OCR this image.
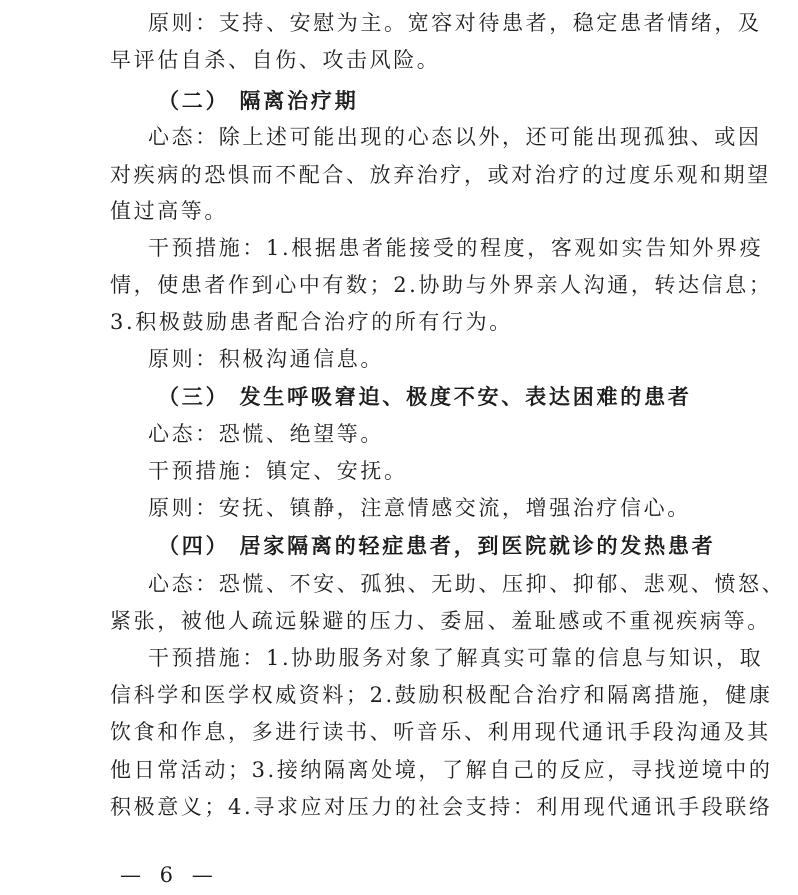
原则：支持、安慰为主。宽容对待患者，稳定患者情绪，及
早评估自杀、自伤、攻击风险。
（二） 隔离治疗期
心态：除上述可能出现的心态以外，还可能出现孤独、或因
对疾病的恐惧而不配合、放弃治疗，或对治疗的过度乐观和期望
值过高等。
干预措施：1.根据患者能接受的程度，客观如实告知外界疫
情，使患者作到心中有数；2.协助与外界亲人沟通，转达信息；
3.积极鼓励患者配合治疗的所有行为。
原则：积极沟通信息。
（三） 发生呼吸窘迫、极度不安、表达困难的患者
心态：恐慌、绝望等。
干预措施：镇定、安抚。
原则：安抚、镇静，注意情感交流，增强治疗信心。
（四） 居家隔离的轻症患者，到医院就诊的发热患者
心态：恐慌、不安、孤独、无助、压抑、抑郁、悲观、愤怒、
紧张，被他人疏远躲避的压力、委屈、羞耻感或不重视疾病等。
干预措施：1.协助服务对象了解真实可靠的信息与知识，取
信科学和医学权威资料；2.鼓励积极配合治疗和隔离措施，健康
饮食和作息，多进行读书、听音乐、利用现代通讯手段沟通及其
他日常活动；3.接纳隔离处境，了解自己的反应，寻找逆境中的
积极意义；4.寻求应对压力的社会支持：利用现代通讯手段联络
— 6 —
